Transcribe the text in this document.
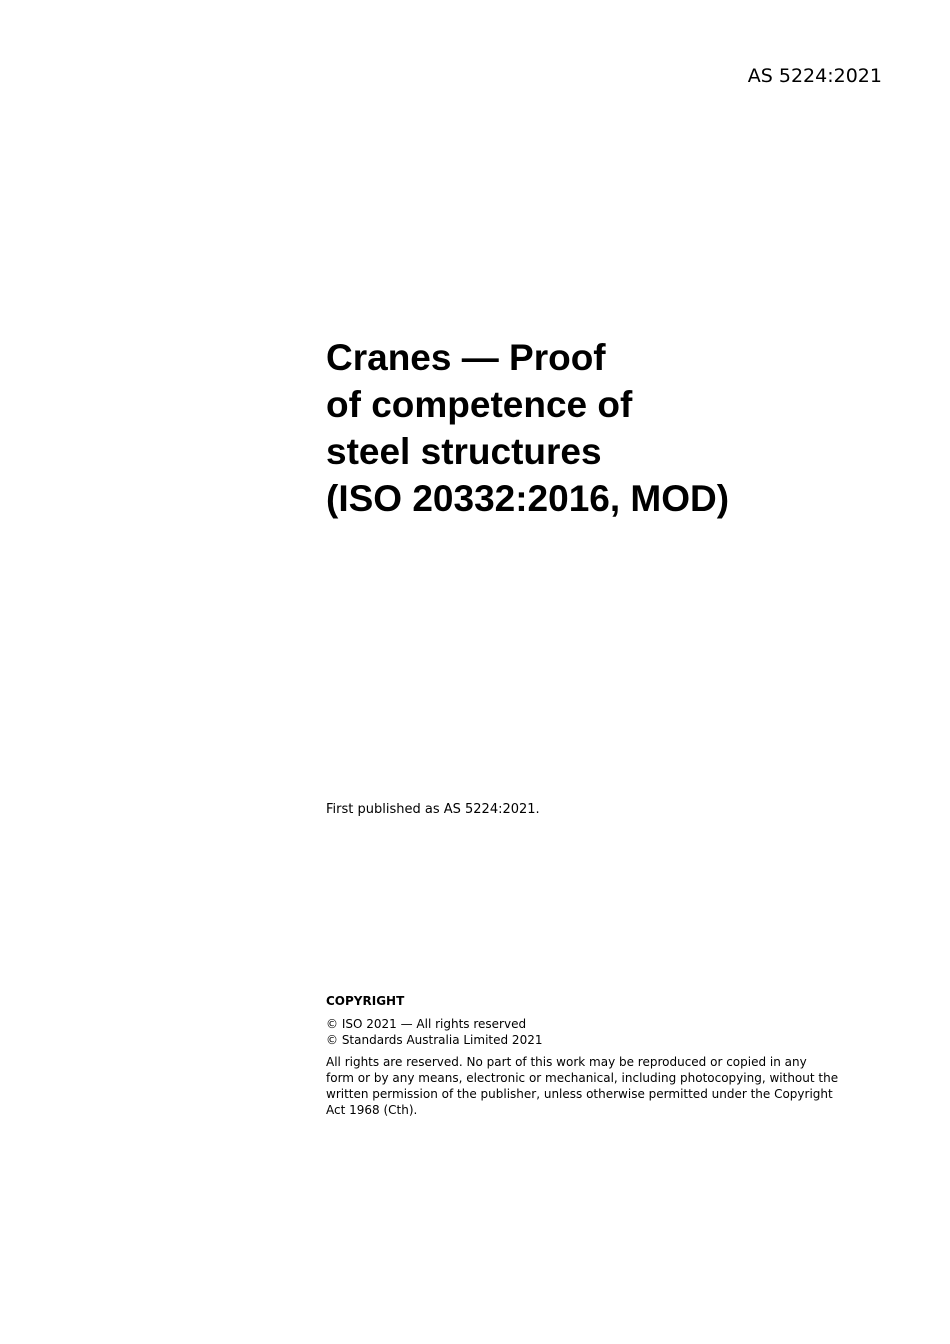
AS 5224:2021
Cranes — Proof
of competence of
steel structures
(ISO 20332:2016, MOD)
First published as AS 5224:2021.
COPYRIGHT
© ISO 2021 — All rights reserved
© Standards Australia Limited 2021
All rights are reserved. No part of this work may be reproduced or copied in any
form or by any means, electronic or mechanical, including photocopying, without the
written permission of the publisher, unless otherwise permitted under the Copyright
Act 1968 (Cth).
